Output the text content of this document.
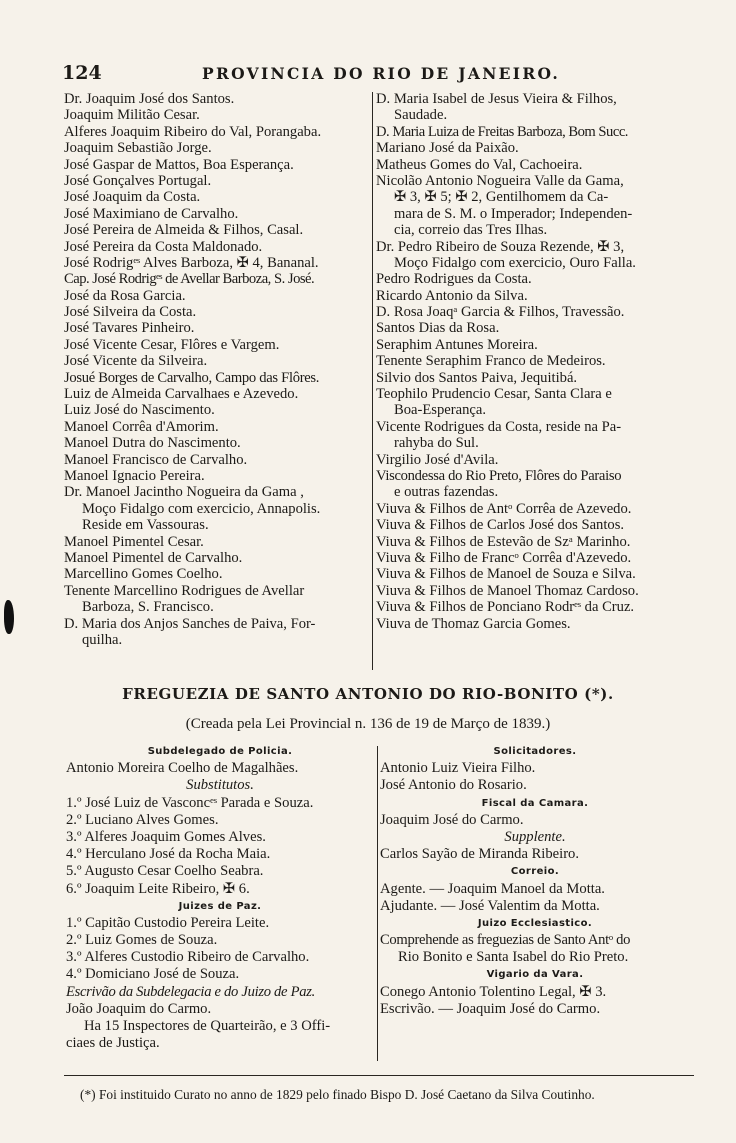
124	PROVINCIA DO RIO DE JANEIRO.
Dr. Joaquim José dos Santos.
Joaquim Militão Cesar.
Alferes Joaquim Ribeiro do Val, Porangaba.
Joaquim Sebastião Jorge.
José Gaspar de Mattos, Boa Esperança.
José Gonçalves Portugal.
José Joaquim da Costa.
José Maximiano de Carvalho.
José Pereira de Almeida & Filhos, Casal.
José Pereira da Costa Maldonado.
José Rodrigᵉˢ Alves Barboza, ✠ 4, Bananal.
Cap. José Rodrigᵉˢ de Avellar Barboza, S. José.
José da Rosa Garcia.
José Silveira da Costa.
José Tavares Pinheiro.
José Vicente Cesar, Flôres e Vargem.
José Vicente da Silveira.
Josué Borges de Carvalho, Campo das Flôres.
Luiz de Almeida Carvalhaes e Azevedo.
Luiz José do Nascimento.
Manoel Corrêa d'Amorim.
Manoel Dutra do Nascimento.
Manoel Francisco de Carvalho.
Manoel Ignacio Pereira.
Dr. Manoel Jacintho Nogueira da Gama ,
Moço Fidalgo com exercicio, Annapolis.
Reside em Vassouras.
Manoel Pimentel Cesar.
Manoel Pimentel de Carvalho.
Marcellino Gomes Coelho.
Tenente Marcellino Rodrigues de Avellar
Barboza, S. Francisco.
D. Maria dos Anjos Sanches de Paiva, For-
quilha.
D. Maria Isabel de Jesus Vieira & Filhos,
Saudade.
D. Maria Luiza de Freitas Barboza, Bom Succ.
Mariano José da Paixão.
Matheus Gomes do Val, Cachoeira.
Nicolão Antonio Nogueira Valle da Gama,
✠ 3, ✠ 5; ✠ 2, Gentilhomem da Ca-
mara de S. M. o Imperador; Independen-
cia, correio das Tres Ilhas.
Dr. Pedro Ribeiro de Souza Rezende, ✠ 3,
Moço Fidalgo com exercicio, Ouro Falla.
Pedro Rodrigues da Costa.
Ricardo Antonio da Silva.
D. Rosa Joaqᵃ Garcia & Filhos, Travessão.
Santos Dias da Rosa.
Seraphim Antunes Moreira.
Tenente Seraphim Franco de Medeiros.
Silvio dos Santos Paiva, Jequitibá.
Teophilo Prudencio Cesar, Santa Clara e
Boa-Esperança.
Vicente Rodrigues da Costa, reside na Pa-
rahyba do Sul.
Virgilio José d'Avila.
Viscondessa do Rio Preto, Flôres do Paraiso
e outras fazendas.
Viuva & Filhos de Antᵒ Corrêa de Azevedo.
Viuva & Filhos de Carlos José dos Santos.
Viuva & Filhos de Estevão de Szᵃ Marinho.
Viuva & Filho de Francᵒ Corrêa d'Azevedo.
Viuva & Filhos de Manoel de Souza e Silva.
Viuva & Filhos de Manoel Thomaz Cardoso.
Viuva & Filhos de Ponciano Rodrᵉˢ da Cruz.
Viuva de Thomaz Garcia Gomes.
FREGUEZIA DE SANTO ANTONIO DO RIO-BONITO (*).
(Creada pela Lei Provincial n. 136 de 19 de Março de 1839.)
Subdelegado de Policia.
Antonio Moreira Coelho de Magalhães.
Substitutos.
1.º José Luiz de Vasconcᵉˢ Parada e Souza.
2.º Luciano Alves Gomes.
3.º Alferes Joaquim Gomes Alves.
4.º Herculano José da Rocha Maia.
5.º Augusto Cesar Coelho Seabra.
6.º Joaquim Leite Ribeiro, ✠ 6.
Juizes de Paz.
1.º Capitão Custodio Pereira Leite.
2.º Luiz Gomes de Souza.
3.º Alferes Custodio Ribeiro de Carvalho.
4.º Domiciano José de Souza.
Escrivão da Subdelegacia e do Juizo de Paz.
João Joaquim do Carmo.
Ha 15 Inspectores de Quarteirão, e 3 Offi-
ciaes de Justiça.
Solicitadores.
Antonio Luiz Vieira Filho.
José Antonio do Rosario.
Fiscal da Camara.
Joaquim José do Carmo.
Supplente.
Carlos Sayão de Miranda Ribeiro.
Correio.
Agente. — Joaquim Manoel da Motta.
Ajudante. — José Valentim da Motta.
Juizo Ecclesiastico.
Comprehende as freguezias de Santo Antᵒ do
Rio Bonito e Santa Isabel do Rio Preto.
Vigario da Vara.
Conego Antonio Tolentino Legal, ✠ 3.
Escrivão. — Joaquim José do Carmo.
(*) Foi instituido Curato no anno de 1829 pelo finado Bispo D. José Caetano da Silva Coutinho.
